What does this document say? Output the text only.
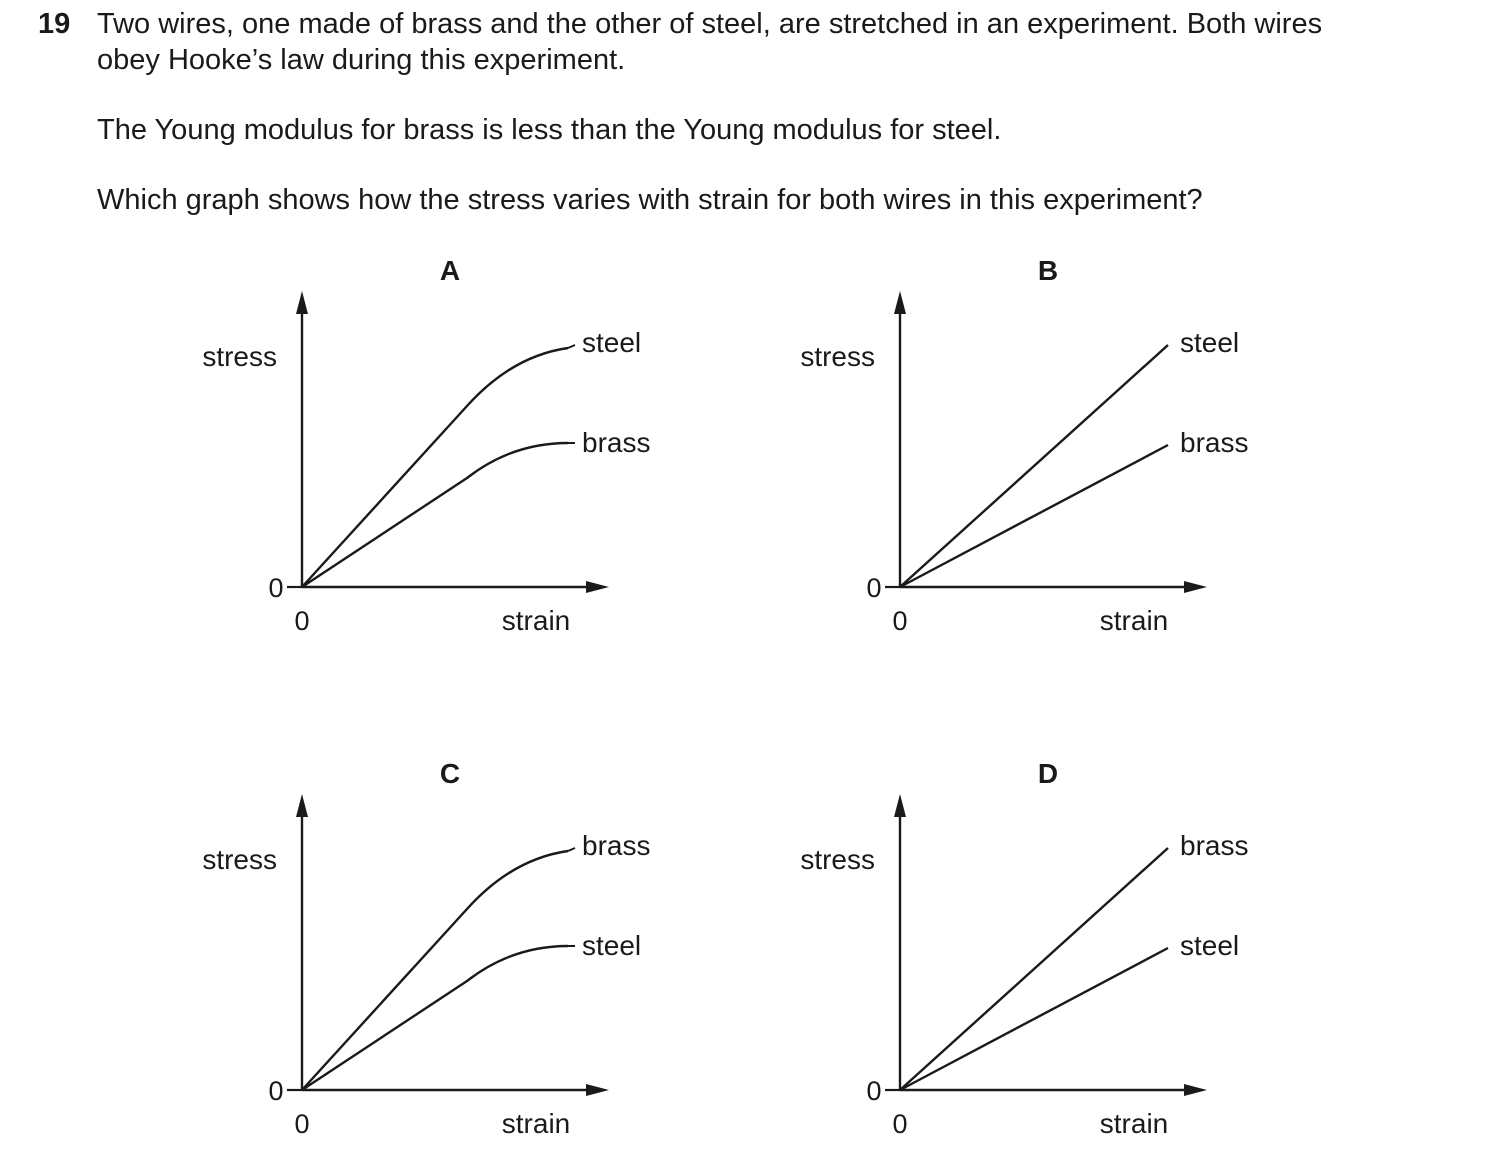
19 Two wires, one made of brass and the other of steel, are stretched in an experiment. Both wires
obey Hooke’s law during this experiment.
The Young modulus for brass is less than the Young modulus for steel.
Which graph shows how the stress varies with strain for both wires in this experiment?
A
stress
strain
0
0
steel
brass
B
stress
strain
0
0
steel
brass
C
stress
strain
0
0
brass
steel
D
stress
strain
0
0
brass
steel
